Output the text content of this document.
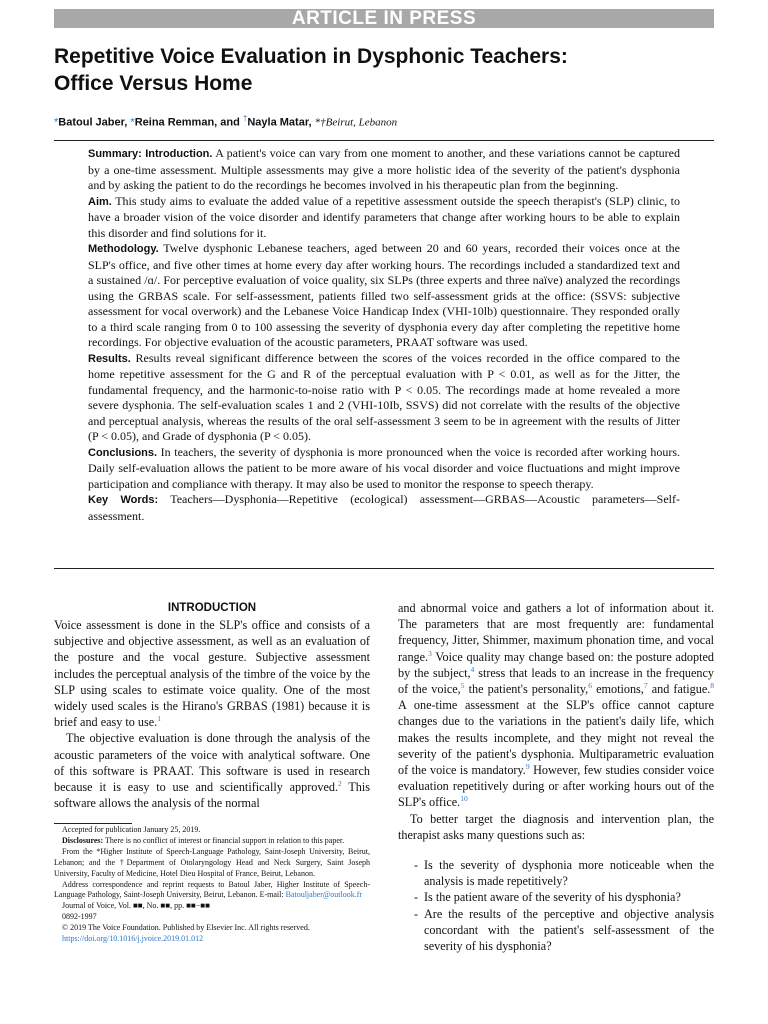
ARTICLE IN PRESS
Repetitive Voice Evaluation in Dysphonic Teachers:
Office Versus Home
*Batoul Jaber, *Reina Remman, and †Nayla Matar, *†Beirut, Lebanon

Summary: Introduction. A patient's voice can vary from one moment to another, and these variations cannot be captured by a one-time assessment. Multiple assessments may give a more holistic idea of the severity of the patient's dysphonia and by asking the patient to do the recordings he becomes involved in his therapeutic plan from the beginning.

Aim. This study aims to evaluate the added value of a repetitive assessment outside the speech therapist's (SLP) clinic, to have a broader vision of the voice disorder and identify parameters that change after working hours to be able to explain this disorder and find solutions for it.

Methodology. Twelve dysphonic Lebanese teachers, aged between 20 and 60 years, recorded their voices once at the SLP's office, and five other times at home every day after working hours. The recordings included a standardized text and a sustained /ɑ/. For perceptive evaluation of voice quality, six SLPs (three experts and three naïve) analyzed the recordings using the GRBAS scale. For self-assessment, patients filled two self-assessment grids at the office: (SSVS: subjective assessment for vocal overwork) and the Lebanese Voice Handicap Index (VHI-10lb) questionnaire. They responded orally to a third scale ranging from 0 to 100 assessing the severity of dysphonia every day after completing the repetitive home recordings. For objective evaluation of the acoustic parameters, PRAAT software was used.

Results. Results reveal significant difference between the scores of the voices recorded in the office compared to the home repetitive assessment for the G and R of the perceptual evaluation with P < 0.01, as well as for the Jitter, the fundamental frequency, and the harmonic-to-noise ratio with P < 0.05. The recordings made at home revealed a more severe dysphonia. The self-evaluation scales 1 and 2 (VHI-10Ib, SSVS) did not correlate with the results of the objective and perceptual analysis, whereas the results of the oral self-assessment 3 seem to be in agreement with the results of Jitter (P < 0.05), and Grade of dysphonia (P < 0.05).

Conclusions. In teachers, the severity of dysphonia is more pronounced when the voice is recorded after working hours. Daily self-evaluation allows the patient to be more aware of his vocal disorder and voice fluctuations and might improve participation and compliance with therapy. It may also be used to monitor the response to speech therapy.

Key Words: Teachers—Dysphonia—Repetitive (ecological) assessment—GRBAS—Acoustic parameters—Self-assessment.

INTRODUCTION

Voice assessment is done in the SLP's office and consists of a subjective and objective assessment, as well as an evaluation of the posture and the vocal gesture. Subjective assessment includes the perceptual analysis of the timbre of the voice by the SLP using scales to estimate voice quality. One of the most widely used scales is the Hirano's GRBAS (1981) because it is brief and easy to use.$^1$

The objective evaluation is done through the analysis of the acoustic parameters of the voice with analytical software. One of this software is PRAAT. This software is used in research because it is easy to use and scientifically approved.$^2$ This software allows the analysis of the normal

Accepted for publication January 25, 2019.

Disclosures: There is no conflict of interest or financial support in relation to this paper.

From the *Higher Institute of Speech-Language Pathology, Saint-Joseph University, Beirut, Lebanon; and the †Department of Otolaryngology Head and Neck Surgery, Saint Joseph University, Faculty of Medicine, Hotel Dieu Hospital of France, Beirut, Lebanon.

Address correspondence and reprint requests to Batoul Jaber, Higher Institute of Speech-Language Pathology, Saint-Joseph University, Beirut, Lebanon. E-mail: Batouljaber@outlook.fr

Journal of Voice, Vol. ■■, No. ■■, pp. ■■−■■

0892-1997

© 2019 The Voice Foundation. Published by Elsevier Inc. All rights reserved.

https://doi.org/10.1016/j.jvoice.2019.01.012

and abnormal voice and gathers a lot of information about it. The parameters that are most frequently are: fundamental frequency, Jitter, Shimmer, maximum phonation time, and vocal range.$^3$ Voice quality may change based on: the posture adopted by the subject,$^4$ stress that leads to an increase in the frequency of the voice,$^5$ the patient's personality,$^6$ emotions,$^7$ and fatigue.$^8$ A one-time assessment at the SLP's office cannot capture changes due to the variations in the patient's daily life, which makes the results incomplete, and they might not reveal the severity of the patient's dysphonia. Multiparametric evaluation of the voice is mandatory.$^9$ However, few studies consider voice evaluation repetitively during or after working hours out of the SLP's office.$^{10}$

To better target the diagnosis and intervention plan, the therapist asks many questions such as:

- Is the severity of dysphonia more noticeable when the analysis is made repetitively?
- Is the patient aware of the severity of his dysphonia?
- Are the results of the perceptive and objective analysis concordant with the patient's self-assessment of the severity of his dysphonia?
